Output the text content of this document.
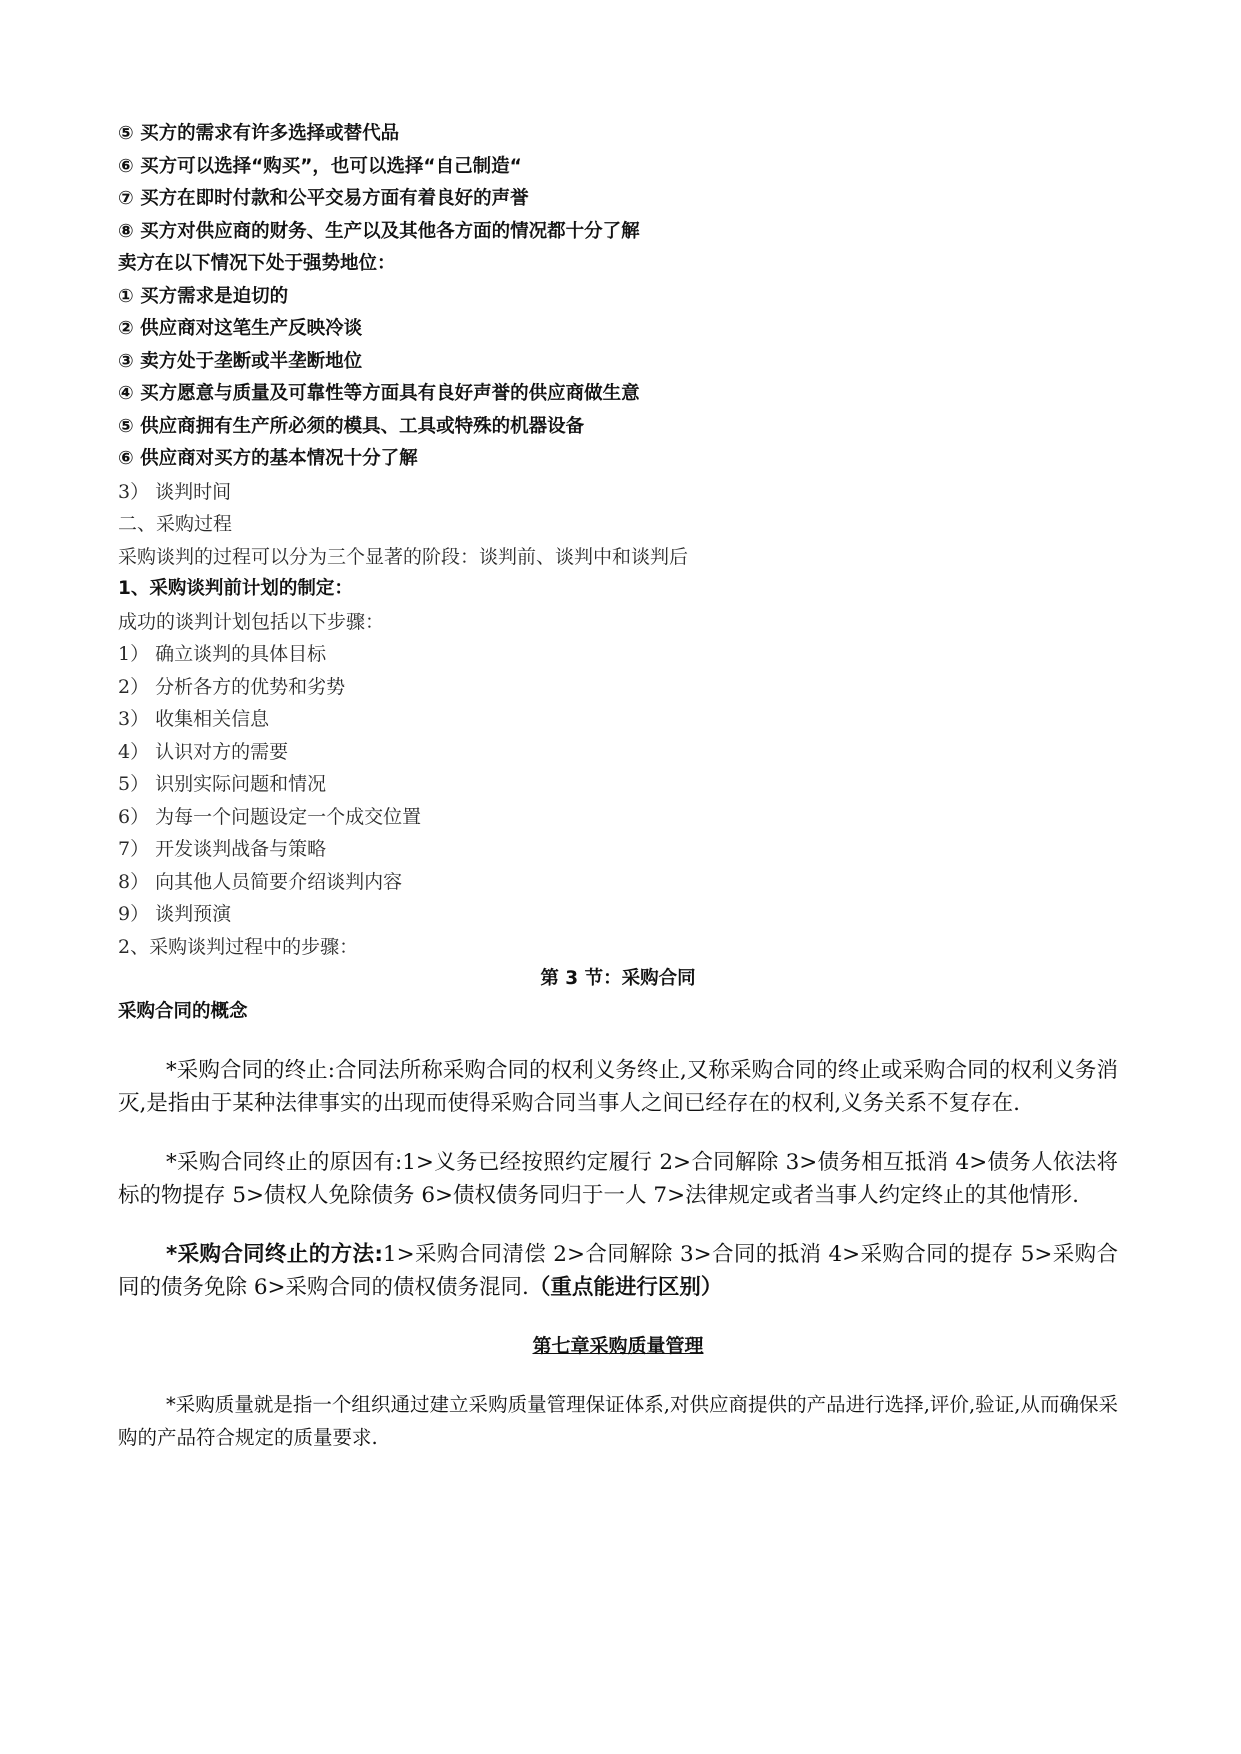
⑤ 买方的需求有许多选择或替代品
⑥ 买方可以选择“购买”，也可以选择“自己制造“
⑦ 买方在即时付款和公平交易方面有着良好的声誉
⑧ 买方对供应商的财务、生产以及其他各方面的情况都十分了解
卖方在以下情况下处于强势地位：
① 买方需求是迫切的
② 供应商对这笔生产反映冷谈
③ 卖方处于垄断或半垄断地位
④ 买方愿意与质量及可靠性等方面具有良好声誉的供应商做生意
⑤ 供应商拥有生产所必须的模具、工具或特殊的机器设备
⑥ 供应商对买方的基本情况十分了解
3） 谈判时间
二、采购过程
采购谈判的过程可以分为三个显著的阶段：谈判前、谈判中和谈判后
1、采购谈判前计划的制定：
成功的谈判计划包括以下步骤：
1） 确立谈判的具体目标
2） 分析各方的优势和劣势
3） 收集相关信息
4） 认识对方的需要
5） 识别实际问题和情况
6） 为每一个问题设定一个成交位置
7） 开发谈判战备与策略
8） 向其他人员简要介绍谈判内容
9） 谈判预演
2、采购谈判过程中的步骤：
第 3 节：采购合同
采购合同的概念

*采购合同的终止:合同法所称采购合同的权利义务终止,又称采购合同的终止或采购合同的权利义务消灭,是指由于某种法律事实的出现而使得采购合同当事人之间已经存在的权利,义务关系不复存在.

*采购合同终止的原因有:1>义务已经按照约定履行 2>合同解除 3>债务相互抵消 4>债务人依法将标的物提存 5>债权人免除债务 6>债权债务同归于一人 7>法律规定或者当事人约定终止的其他情形.

*采购合同终止的方法:1>采购合同清偿 2>合同解除 3>合同的抵消 4>采购合同的提存 5>采购合同的债务免除 6>采购合同的债权债务混同.（重点能进行区别）

第七章采购质量管理

*采购质量就是指一个组织通过建立采购质量管理保证体系,对供应商提供的产品进行选择,评价,验证,从而确保采购的产品符合规定的质量要求.
